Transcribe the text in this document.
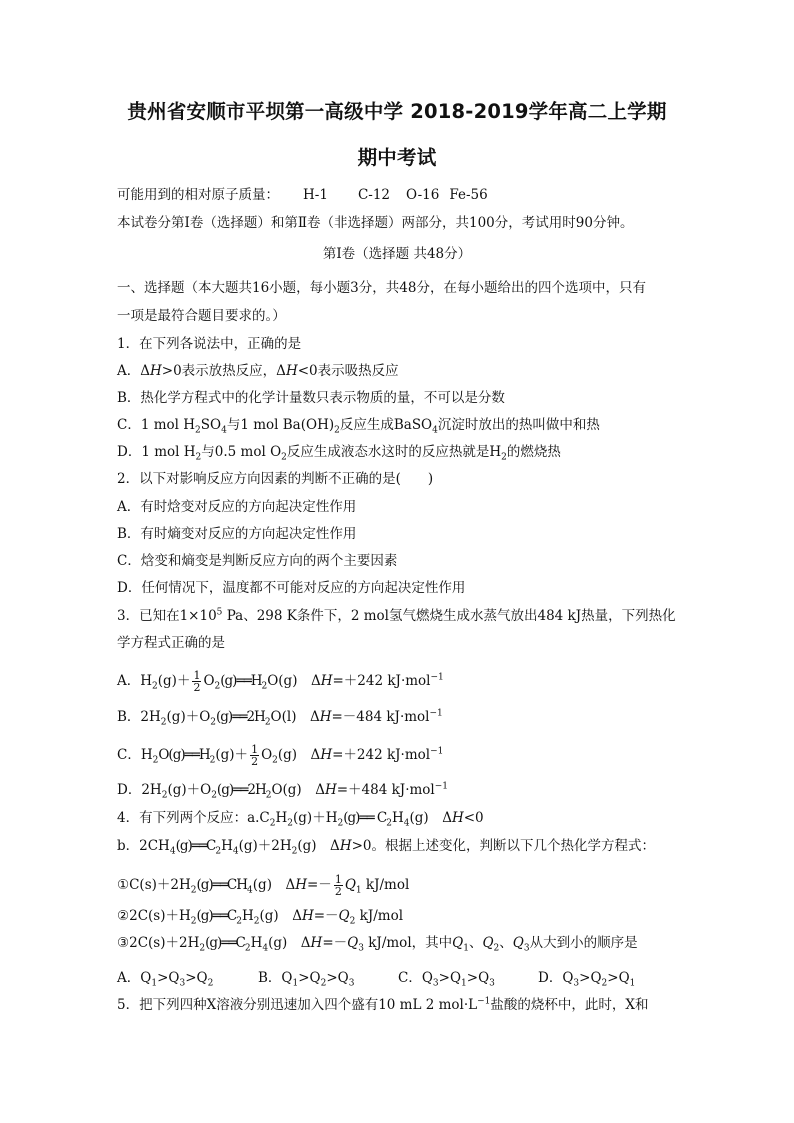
贵州省安顺市平坝第一高级中学 2018-2019学年高二上学期
期中考试
可能用到的相对原子质量： H-1 C-12 O-16 Fe-56
本试卷分第Ⅰ卷（选择题）和第Ⅱ卷（非选择题）两部分，共100分，考试用时90分钟。
第Ⅰ卷（选择题 共48分）
一、选择题（本大题共16小题，每小题3分，共48分，在每小题给出的四个选项中，只有
一项是最符合题目要求的。）
1．在下列各说法中，正确的是
A．ΔH>0表示放热反应，ΔH<0表示吸热反应
B．热化学方程式中的化学计量数只表示物质的量，不可以是分数
C．1 mol $H_2SO_4$与1 mol $Ba(OH)_2$反应生成BaSO$_4$沉淀时放出的热叫做中和热
D．1 mol $H_2$与0.5 mol $O_2$反应生成液态水这时的反应热就是$H_2$的燃烧热
2．以下对影响反应方向因素的判断不正确的是(　　)
A．有时焓变对反应的方向起决定性作用
B．有时熵变对反应的方向起决定性作用
C．焓变和熵变是判断反应方向的两个主要因素
D．任何情况下，温度都不可能对反应的方向起决定性作用
3．已知在$1\times 10^5$ Pa、298 K条件下，2 mol氢气燃烧生成水蒸气放出484 kJ热量，下列热化
学方程式正确的是
A．$H_2(g)+ \frac{1}{2}$ $O_2(g)══H_2O(g)$　ΔH=＋242 kJ·mol$^{-1}$
B．$2H_2(g)+O_2(g)══2H_2O(l)$　ΔH=－484 kJ·mol$^{-1}$
C．$H_2O(g)══H_2(g)+ \frac{1}{2} O_2(g)$　ΔH=＋242 kJ·mol$^{-1}$
D．$2H_2(g)+O_2(g)══2H_2O(g)$　ΔH=＋484 kJ·mol$^{-1}$
4．有下列两个反应：$a.C_2H_2(g)+H_2(g)══$ $C_2H_4(g)$　ΔH<0
b．$2CH_4(g)══C_2H_4(g)+2H_2(g)$　ΔH>0。根据上述变化，判断以下几个热化学方程式：
$①C(s)+2H_2(g)══CH_4(g)$　$\Delta H=- \frac{1}{2} Q_1$ kJ/mol
$②2C(s)+H_2(g)══C_2H_2(g)$　$\Delta H=-Q_2$ kJ/mol
$③2C(s)+2H_2(g)══C_2H_4(g)$　$\Delta H=-Q_3$ kJ/mol，其中$Q_1$、$Q_2$、$Q_3$从大到小的顺序是
A．$Q_1>Q_3>Q_2$	B．$Q_1>Q_2>Q_3$	C．$Q_3>Q_1>Q_3$	D．$Q_3>Q_2>Q_1$
5．把下列四种X溶液分别迅速加入四个盛有10 mL 2 $mol\cdot L^{-1}$盐酸的烧杯中，此时，X和
